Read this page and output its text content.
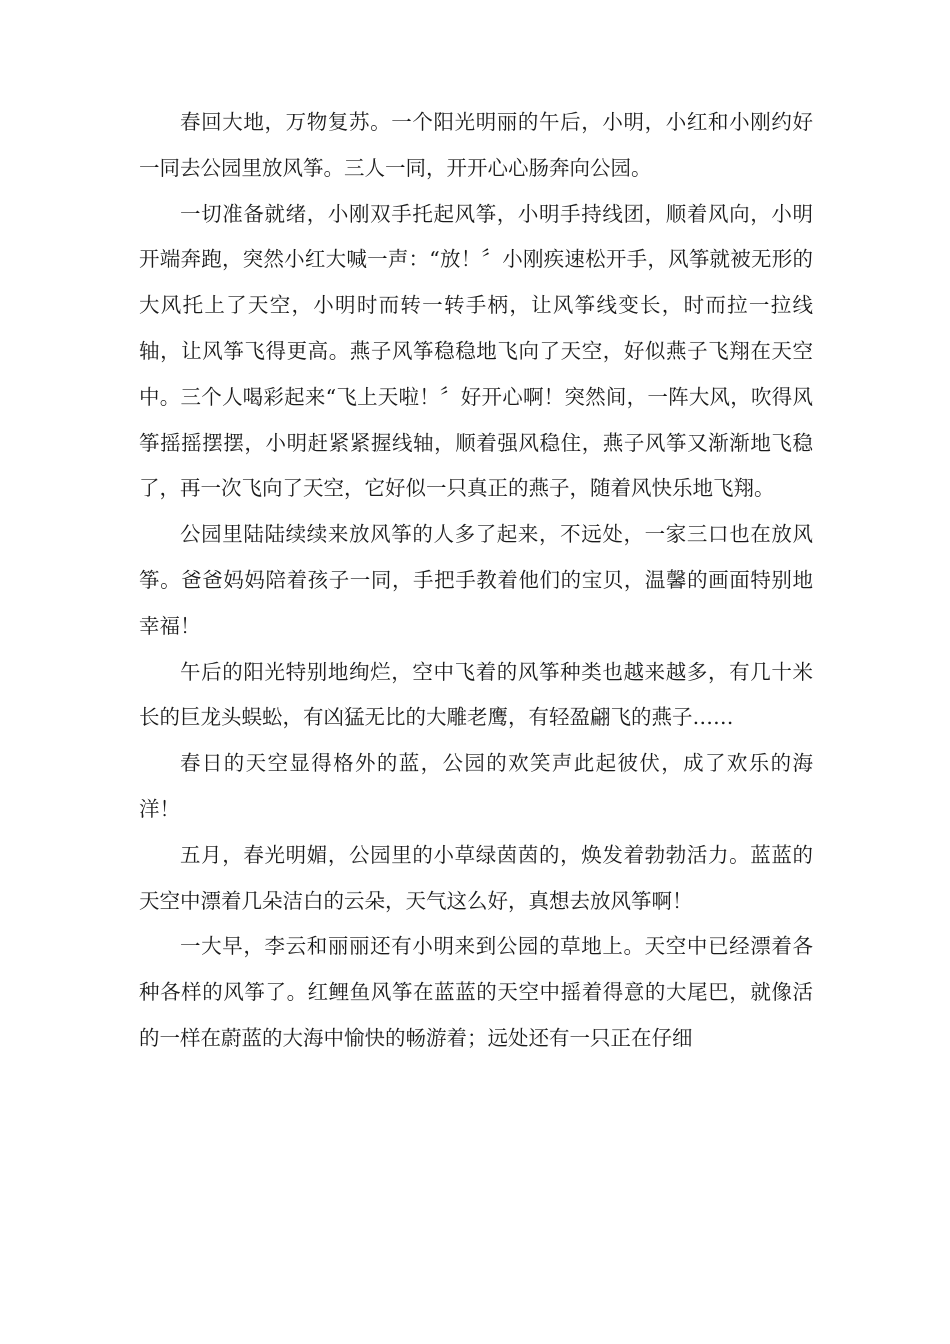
春回大地，万物复苏。一个阳光明丽的午后，小明，小红和小刚约好一同去公园里放风筝。三人一同，开开心心肠奔向公园。

一切准备就绪，小刚双手托起风筝，小明手持线团，顺着风向，小明开端奔跑，突然小红大喊一声：“放！〞小刚疾速松开手，风筝就被无形的大风托上了天空，小明时而转一转手柄，让风筝线变长，时而拉一拉线轴，让风筝飞得更高。燕子风筝稳稳地飞向了天空，好似燕子飞翔在天空中。三个人喝彩起来“飞上天啦！〞好开心啊！突然间，一阵大风，吹得风筝摇摇摆摆，小明赶紧紧握线轴，顺着强风稳住，燕子风筝又渐渐地飞稳了，再一次飞向了天空，它好似一只真正的燕子，随着风快乐地飞翔。

公园里陆陆续续来放风筝的人多了起来，不远处，一家三口也在放风筝。爸爸妈妈陪着孩子一同，手把手教着他们的宝贝，温馨的画面特别地幸福！

午后的阳光特别地绚烂，空中飞着的风筝种类也越来越多，有几十米长的巨龙头蜈蚣，有凶猛无比的大雕老鹰，有轻盈翩飞的燕子……

春日的天空显得格外的蓝，公园的欢笑声此起彼伏，成了欢乐的海洋！

五月，春光明媚，公园里的小草绿茵茵的，焕发着勃勃活力。蓝蓝的天空中漂着几朵洁白的云朵，天气这么好，真想去放风筝啊！

一大早，李云和丽丽还有小明来到公园的草地上。天空中已经漂着各种各样的风筝了。红鲤鱼风筝在蓝蓝的天空中摇着得意的大尾巴，就像活的一样在蔚蓝的大海中愉快的畅游着；远处还有一只正在仔细
